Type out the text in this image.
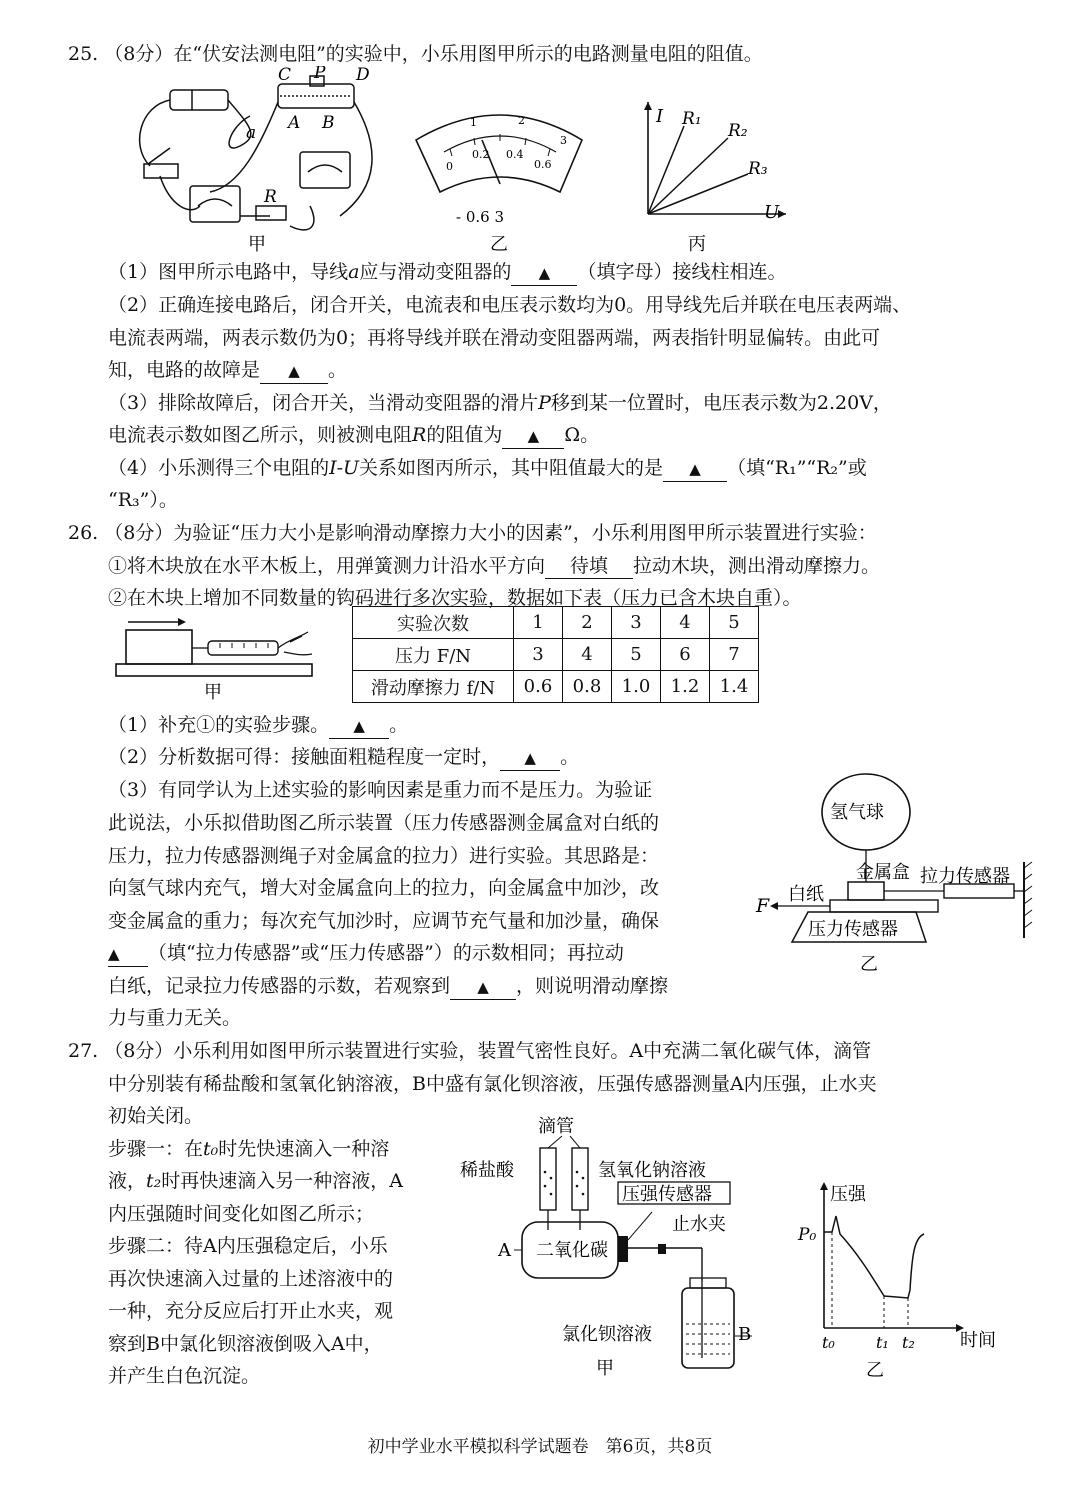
25. （8分）在“伏安法测电阻”的实验中，小乐用图甲所示的电路测量电阻的阻值。
C P D
A B
a
R
甲
1	2
3
0
0.2 0.4
0.6
- 0.6 3
乙
I
U
R₁
R₂
R₃
丙
（1）图甲所示电路中，导线a应与滑动变阻器的 ▲ （填字母）接线柱相连。
（2）正确连接电路后，闭合开关，电流表和电压表示数均为0。用导线先后并联在电压表两端、
电流表两端，两表示数仍为0；再将导线并联在滑动变阻器两端，两表指针明显偏转。由此可
知，电路的故障是 ▲ 。
（3）排除故障后，闭合开关，当滑动变阻器的滑片P移到某一位置时，电压表示数为2.20V，
电流表示数如图乙所示，则被测电阻R的阻值为 ▲ Ω。
（4）小乐测得三个电阻的I-U关系如图丙所示，其中阻值最大的是 ▲ （填“R₁”“R₂”或
“R₃”）。
26. （8分）为验证“压力大小是影响滑动摩擦力大小的因素”，小乐利用图甲所示装置进行实验：
①将木块放在水平木板上，用弹簧测力计沿水平方向 待填 拉动木块，测出滑动摩擦力。
②在木块上增加不同数量的钩码进行多次实验，数据如下表（压力已含木块自重）。
甲
实验次数	1	2	3	4	5
压力 F/N	3	4	5	6	7
滑动摩擦力 f/N	0.6	0.8	1.0	1.2	1.4
（1）补充①的实验步骤。 ▲ 。
（2）分析数据可得：接触面粗糙程度一定时， ▲ 。
（3）有同学认为上述实验的影响因素是重力而不是压力。为验证
此说法，小乐拟借助图乙所示装置（压力传感器测金属盒对白纸的
压力，拉力传感器测绳子对金属盒的拉力）进行实验。其思路是：
向氢气球内充气，增大对金属盒向上的拉力，向金属盒中加沙，改
变金属盒的重力；每次充气加沙时，应调节充气量和加沙量，确保
▲ （填“拉力传感器”或“压力传感器”）的示数相同；再拉动
白纸，记录拉力传感器的示数，若观察到 ▲ ，则说明滑动摩擦
力与重力无关。
氢气球
金属盒 拉力传感器
白纸
F
压力传感器
乙
27. （8分）小乐利用如图甲所示装置进行实验，装置气密性良好。A中充满二氧化碳气体，滴管
中分别装有稀盐酸和氢氧化钠溶液，B中盛有氯化钡溶液，压强传感器测量A内压强，止水夹
初始关闭。
步骤一：在t₀时先快速滴入一种溶
液，t₂时再快速滴入另一种溶液，A
内压强随时间变化如图乙所示；
步骤二：待A内压强稳定后，小乐
再次快速滴入过量的上述溶液中的
一种，充分反应后打开止水夹，观
察到B中氯化钡溶液倒吸入A中，
并产生白色沉淀。
滴管
稀盐酸	氢氧化钠溶液
压强传感器
止水夹
A 二氧化碳
氯化钡溶液	B
甲
压强
时间
P₀
t₀	t₁ t₂
乙
初中学业水平模拟科学试题卷　第6页，共8页
